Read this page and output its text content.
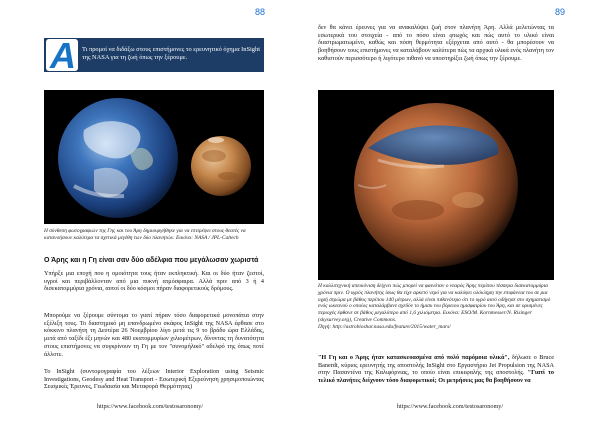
88
A Τι προμοί να διδάξω στους επιστήμονες το ερευνητικό όχημα InSight της NASA για τη ζωή όπως την ξέρουμε.
Η σύνθεση φωτογραφιών της Γης και του Άρη δημιουργήθηκε για να επιτρέψει στους θεατές να κατανοήσουν καλύτερα τα σχετικά μεγέθη των δύο πλανητών. Εικόνα: NASA / JPL-Caltech
Ο Άρης και η Γη είναι σαν δύο αδέλφια που μεγάλωσαν χωριστά
Υπήρξε μια εποχή που η ομοιότητα τους ήταν εκπληκτική. Και οι δύο ήταν ζεστοί, υγροί και περιβάλλονταν από μια πυκνή ατμόσφαιρα. Αλλά πριν από 3 ή 4 δισεκατομμύρια χρόνια, αυτοί οι δύο κόσμοι πήραν διαφορετικούς δρόμους.
Μπορούμε να ξέρουμε σύντομα το γιατί πήραν τόσο διαφορετικά μονοπάτια στην εξέλιξη τους. Το διαστημικό μη επανδρωμένο σκάφος InSight της NASA έφθασε στο κόκκινο πλανήτη τη Δευτέρα 26 Νοεμβρίου λίγο μετά τις 9 το βράδυ ώρα Ελλάδας, μετά από ταξίδι έξι μηνών και 480 εκατομμυρίων χιλιομέτρων, δίνοντας τη δυνατότητα στους επιστήμονες να συγκρίνουν τη Γη με τον "συνομήλικό" αδελφό της όπως ποτέ άλλοτε.
Το InSight (συντομογραφία του λέξεων Interior Exploration using Seismic Investigations, Geodesy and Heat Transport - Εσωτερική Εξερεύνηση χρησιμοποιώντας Σεισμικές Έρευνες, Γεωδαισία και Μεταφορά Θερμότητας)
https://www.facebook.com/testosaronomy/
89
δεν θα κάνει έρευνες για να ανακαλύψει ζωή στον πλανήτη Άρη. Αλλά μελετώντας τα εσωτερικά του στοιχεία - από το πόσο είναι φτωχός και πώς αυτό το υλικό είναι διαστρωματωμένο, καθώς και πόση θερμότητα εξέρχεται από αυτό - θα μπορέσουν να βοηθήσουν τους επιστήμονες να καταλάβουν καλύτερα πώς τα αρχικά υλικά ενός πλανήτη τον καθιστούν περισσότερο ή λιγότερο πιθανό να υποστηρίξει ζωή όπως την ξέρουμε.
Η καλλιτεχνική απεικόνιση δείχνει πώς μπορεί να φαινόταν ο νεαρός Άρης περίπου τέσσερα δισεκατομμύρια χρόνια πριν. Ο υγρός πλανήτης ίσως θα είχε αρκετό νερό για να καλύψει ολόκληρη την επιφάνεια του σε μια υγρή στρώμα με βάθος περίπου 140 μέτρων, αλλά είναι πιθανότερο ότι το υγρό αυτό οδήγησε στο σχηματισμό ενός ωκεανού ο οποίος καταλάμβανε σχεδόν το ήμισυ του βόρειου ημισφαιρίου του Άρη, και σε ορισμένες περιοχές έφθανε σε βάθος μεγαλύτερο από 1,6 χιλιόμετρα. Εικόνα: ESO/M. Kornmesser/N. Risinger (skysurvey.org), Creative Commons.
Πηγή: http://astrobioshar.nasa.edu/feature/2015/water_mars/
"Η Γη και ο Άρης ήταν κατασκευασμένα από πολύ παρόμοια υλικά", δήλωσε ο Bruce Banerdt, κύριος ερευνητής της αποστολής InSight στο Εργαστήριο Jet Propulsion της NASA στην Πασαντένα της Καλιφόρνιας, το οποίο είναι επικεφαλής της αποστολής. "Γιατί το τελικό πλανήτες δείχνουν τόσο διαφορετικοί; Οι μετρήσεις μας θα βοηθήσουν να
https://www.facebook.com/testosaronomy/
